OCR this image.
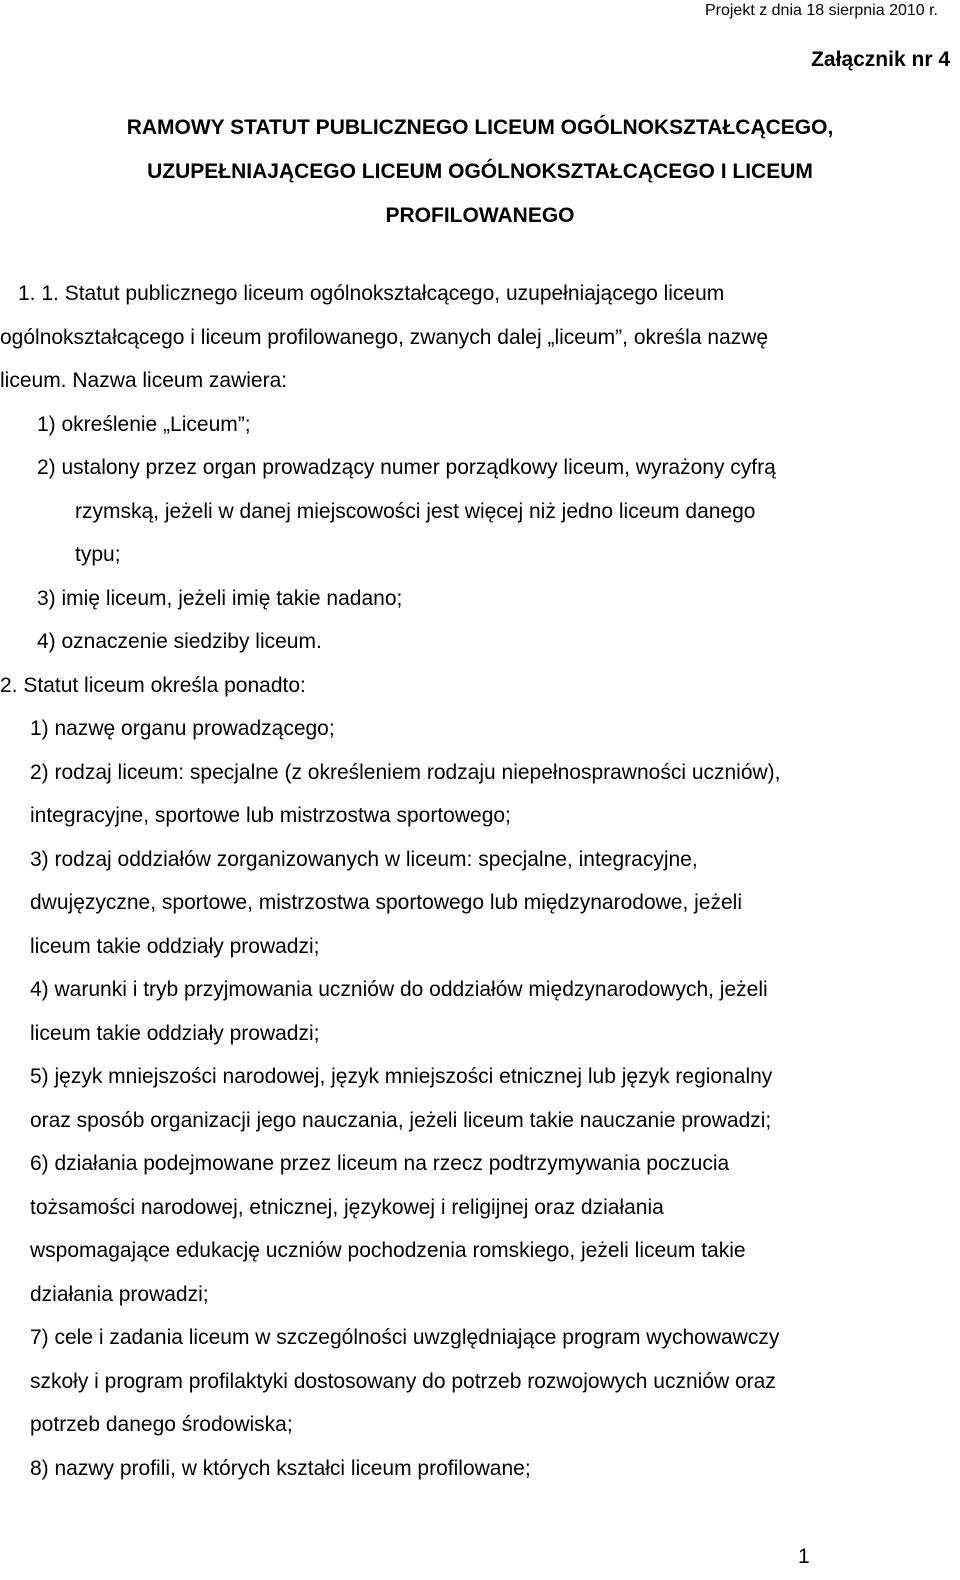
Projekt z dnia 18 sierpnia 2010 r.
Załącznik nr 4
RAMOWY STATUT PUBLICZNEGO LICEUM OGÓLNOKSZTAŁCĄCEGO,
UZUPEŁNIAJĄCEGO LICEUM OGÓLNOKSZTAŁCĄCEGO I LICEUM
PROFILOWANEGO
1. 1. Statut publicznego liceum ogólnokształcącego, uzupełniającego liceum
ogólnokształcącego i liceum profilowanego, zwanych dalej „liceum”, określa nazwę
liceum. Nazwa liceum zawiera:
1) określenie „Liceum”;
2) ustalony przez organ prowadzący numer porządkowy liceum, wyrażony cyfrą
rzymską, jeżeli w danej miejscowości jest więcej niż jedno liceum danego
typu;
3) imię liceum, jeżeli imię takie nadano;
4) oznaczenie siedziby liceum.
2. Statut liceum określa ponadto:
1) nazwę organu prowadzącego;
2) rodzaj liceum: specjalne (z określeniem rodzaju niepełnosprawności uczniów),
integracyjne, sportowe lub mistrzostwa sportowego;
3) rodzaj oddziałów zorganizowanych w liceum: specjalne, integracyjne,
dwujęzyczne, sportowe, mistrzostwa sportowego lub międzynarodowe, jeżeli
liceum takie oddziały prowadzi;
4) warunki i tryb przyjmowania uczniów do oddziałów międzynarodowych, jeżeli
liceum takie oddziały prowadzi;
5) język mniejszości narodowej, język mniejszości etnicznej lub język regionalny
oraz sposób organizacji jego nauczania, jeżeli liceum takie nauczanie prowadzi;
6) działania podejmowane przez liceum na rzecz podtrzymywania poczucia
tożsamości narodowej, etnicznej, językowej i religijnej oraz działania
wspomagające edukację uczniów pochodzenia romskiego, jeżeli liceum takie
działania prowadzi;
7) cele i zadania liceum w szczególności uwzględniające program wychowawczy
szkoły i program profilaktyki dostosowany do potrzeb rozwojowych uczniów oraz
potrzeb danego środowiska;
8) nazwy profili, w których kształci liceum profilowane;
1
